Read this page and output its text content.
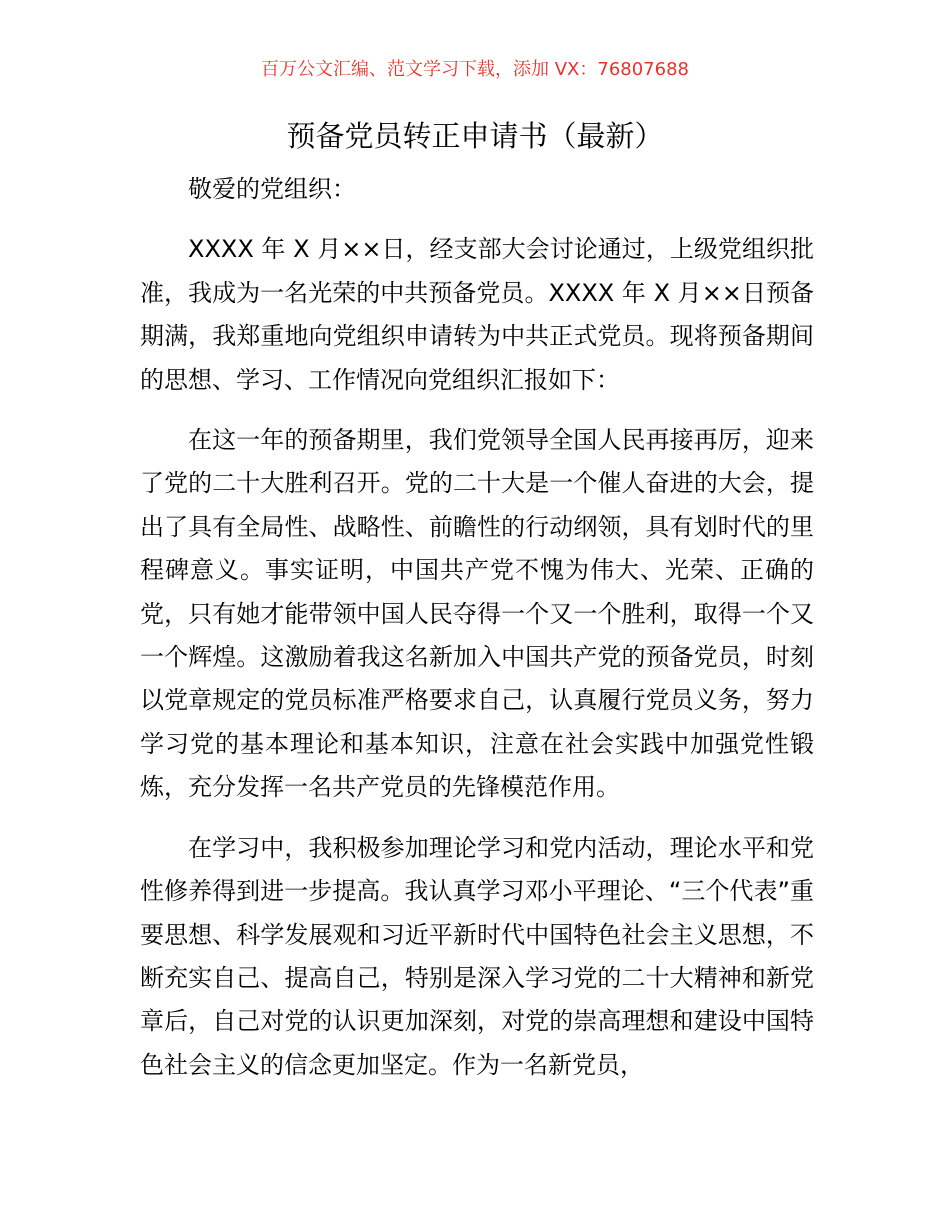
百万公文汇编、范文学习下载，添加 VX：76807688
预备党员转正申请书（最新）

敬爱的党组织：

XXXX 年 X 月××日，经支部大会讨论通过，上级党组织批准，我成为一名光荣的中共预备党员。XXXX 年 X 月××日预备期满，我郑重地向党组织申请转为中共正式党员。现将预备期间的思想、学习、工作情况向党组织汇报如下：

在这一年的预备期里，我们党领导全国人民再接再厉，迎来了党的二十大胜利召开。党的二十大是一个催人奋进的大会，提出了具有全局性、战略性、前瞻性的行动纲领，具有划时代的里程碑意义。事实证明，中国共产党不愧为伟大、光荣、正确的党，只有她才能带领中国人民夺得一个又一个胜利，取得一个又一个辉煌。这激励着我这名新加入中国共产党的预备党员，时刻以党章规定的党员标准严格要求自己，认真履行党员义务，努力学习党的基本理论和基本知识，注意在社会实践中加强党性锻炼，充分发挥一名共产党员的先锋模范作用。

在学习中，我积极参加理论学习和党内活动，理论水平和党性修养得到进一步提高。我认真学习邓小平理论、“三个代表”重要思想、科学发展观和习近平新时代中国特色社会主义思想，不断充实自己、提高自己，特别是深入学习党的二十大精神和新党章后，自己对党的认识更加深刻，对党的崇高理想和建设中国特色社会主义的信念更加坚定。作为一名新党员，
